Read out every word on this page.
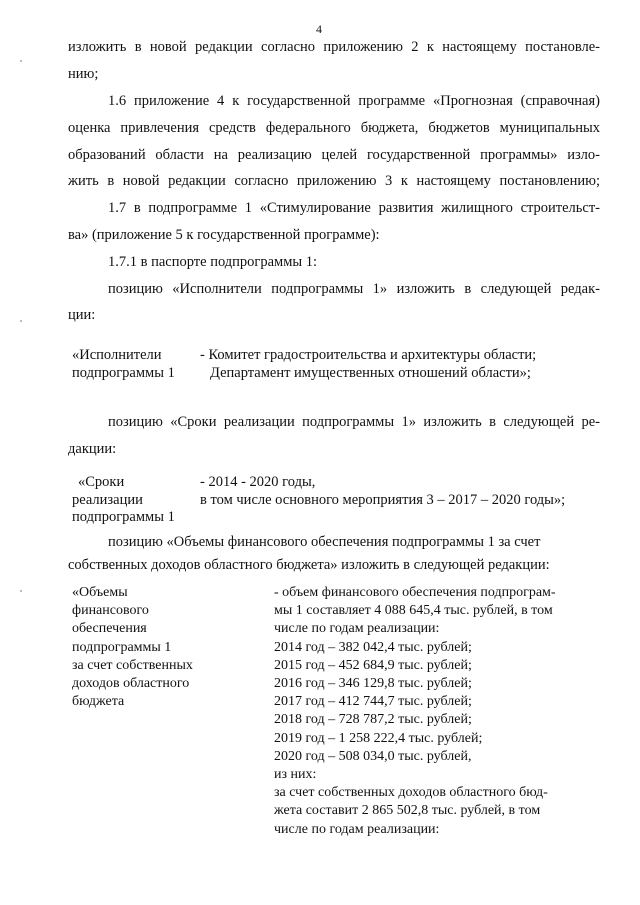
4
изложить в новой редакции согласно приложению 2 к настоящему постановле-
нию;
1.6 приложение 4 к государственной программе «Прогнозная (справочная)
оценка привлечения средств федерального бюджета, бюджетов муниципальных
образований области на реализацию целей государственной программы» изло-
жить в новой редакции согласно приложению 3 к настоящему постановлению;
1.7 в подпрограмме 1 «Стимулирование развития жилищного строительст-
ва» (приложение 5 к государственной программе):
1.7.1 в паспорте подпрограммы 1:
позицию «Исполнители подпрограммы 1» изложить в следующей редак-
ции:
«Исполнители
подпрограммы 1
- Комитет градостроительства и архитектуры области;
Департамент имущественных отношений области»;
позицию «Сроки реализации подпрограммы 1» изложить в следующей ре-
дакции:
«Сроки
реализации
подпрограммы 1
- 2014 - 2020 годы,
в том числе основного мероприятия 3 – 2017 – 2020 годы»;
позицию «Объемы финансового обеспечения подпрограммы 1 за счет
собственных доходов областного бюджета» изложить в следующей редакции:
«Объемы
финансового
обеспечения
подпрограммы 1
за счет собственных
доходов областного
бюджета
- объем финансового обеспечения подпрограм-
мы 1 составляет 4 088 645,4 тыс. рублей, в том
числе по годам реализации:
2014 год – 382 042,4 тыс. рублей;
2015 год – 452 684,9 тыс. рублей;
2016 год – 346 129,8 тыс. рублей;
2017 год – 412 744,7 тыс. рублей;
2018 год – 728 787,2 тыс. рублей;
2019 год – 1 258 222,4 тыс. рублей;
2020 год – 508 034,0 тыс. рублей,
из них:
за счет собственных доходов областного бюд-
жета составит 2 865 502,8 тыс. рублей, в том
числе по годам реализации:
